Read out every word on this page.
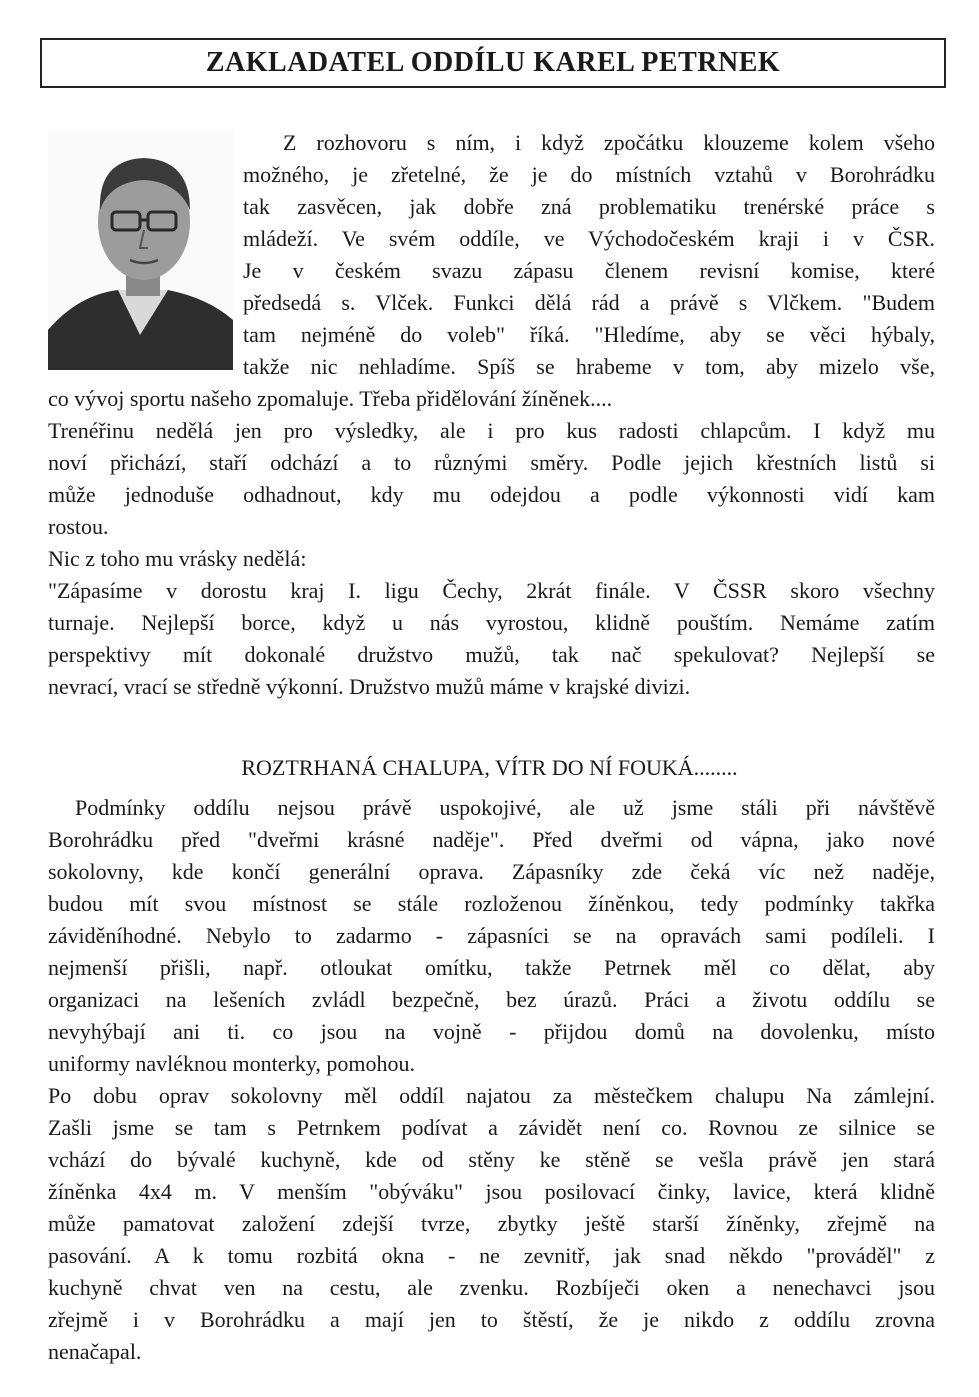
ZAKLADATEL ODDÍLU KAREL PETRNEK

Z rozhovoru s ním, i když zpočátku klouzeme kolem všeho

možného, je zřetelné, že je do místních vztahů v Borohrádku

tak zasvěcen, jak dobře zná problematiku trenérské práce s

mládeží. Ve svém oddíle, ve Východočeském kraji i v ČSR.

Je v českém svazu zápasu členem revisní komise, které

předsedá s. Vlček. Funkci dělá rád a právě s Vlčkem. "Budem

tam nejméně do voleb" říká. "Hledíme, aby se věci hýbaly,

takže nic nehladíme. Spíš se hrabeme v tom, aby mizelo vše,

co vývoj sportu našeho zpomaluje. Třeba přidělování žíněnek....

Trenéřinu nedělá jen pro výsledky, ale i pro kus radosti chlapcům. I když mu

noví přichází, staří odchází a to různými směry. Podle jejich křestních listů si

může jednoduše odhadnout, kdy mu odejdou a podle výkonnosti vidí kam

rostou.

Nic z toho mu vrásky nedělá:

"Zápasíme v dorostu kraj I. ligu Čechy, 2krát finále. V ČSSR skoro všechny

turnaje. Nejlepší borce, když u nás vyrostou, klidně pouštím. Nemáme zatím

perspektivy mít dokonalé družstvo mužů, tak nač spekulovat? Nejlepší se

nevrací, vrací se středně výkonní. Družstvo mužů máme v krajské divizi.

ROZTRHANÁ CHALUPA, VÍTR DO NÍ FOUKÁ........

Podmínky oddílu nejsou právě uspokojivé, ale už jsme stáli při návštěvě

Borohrádku před "dveřmi krásné naděje". Před dveřmi od vápna, jako nové

sokolovny, kde končí generální oprava. Zápasníky zde čeká víc než naděje,

budou mít svou místnost se stále rozloženou žíněnkou, tedy podmínky takřka

záviděníhodné. Nebylo to zadarmo - zápasníci se na opravách sami podíleli. I

nejmenší přišli, např. otloukat omítku, takže Petrnek měl co dělat, aby

organizaci na lešeních zvládl bezpečně, bez úrazů. Práci a životu oddílu se

nevyhýbají ani ti. co jsou na vojně - přijdou domů na dovolenku, místo

uniformy navléknou monterky, pomohou.

Po dobu oprav sokolovny měl oddíl najatou za městečkem chalupu Na zámlejní.

Zašli jsme se tam s Petrnkem podívat a závidět není co. Rovnou ze silnice se

vchází do bývalé kuchyně, kde od stěny ke stěně se vešla právě jen stará

žíněnka 4x4 m. V menším "obýváku" jsou posilovací činky, lavice, která klidně

může pamatovat založení zdejší tvrze, zbytky ještě starší žíněnky, zřejmě na

pasování. A k tomu rozbitá okna - ne zevnitř, jak snad někdo "prováděl" z

kuchyně chvat ven na cestu, ale zvenku. Rozbíječi oken a nenechavci jsou

zřejmě i v Borohrádku a mají jen to štěstí, že je nikdo z oddílu zrovna

nenačapal.
